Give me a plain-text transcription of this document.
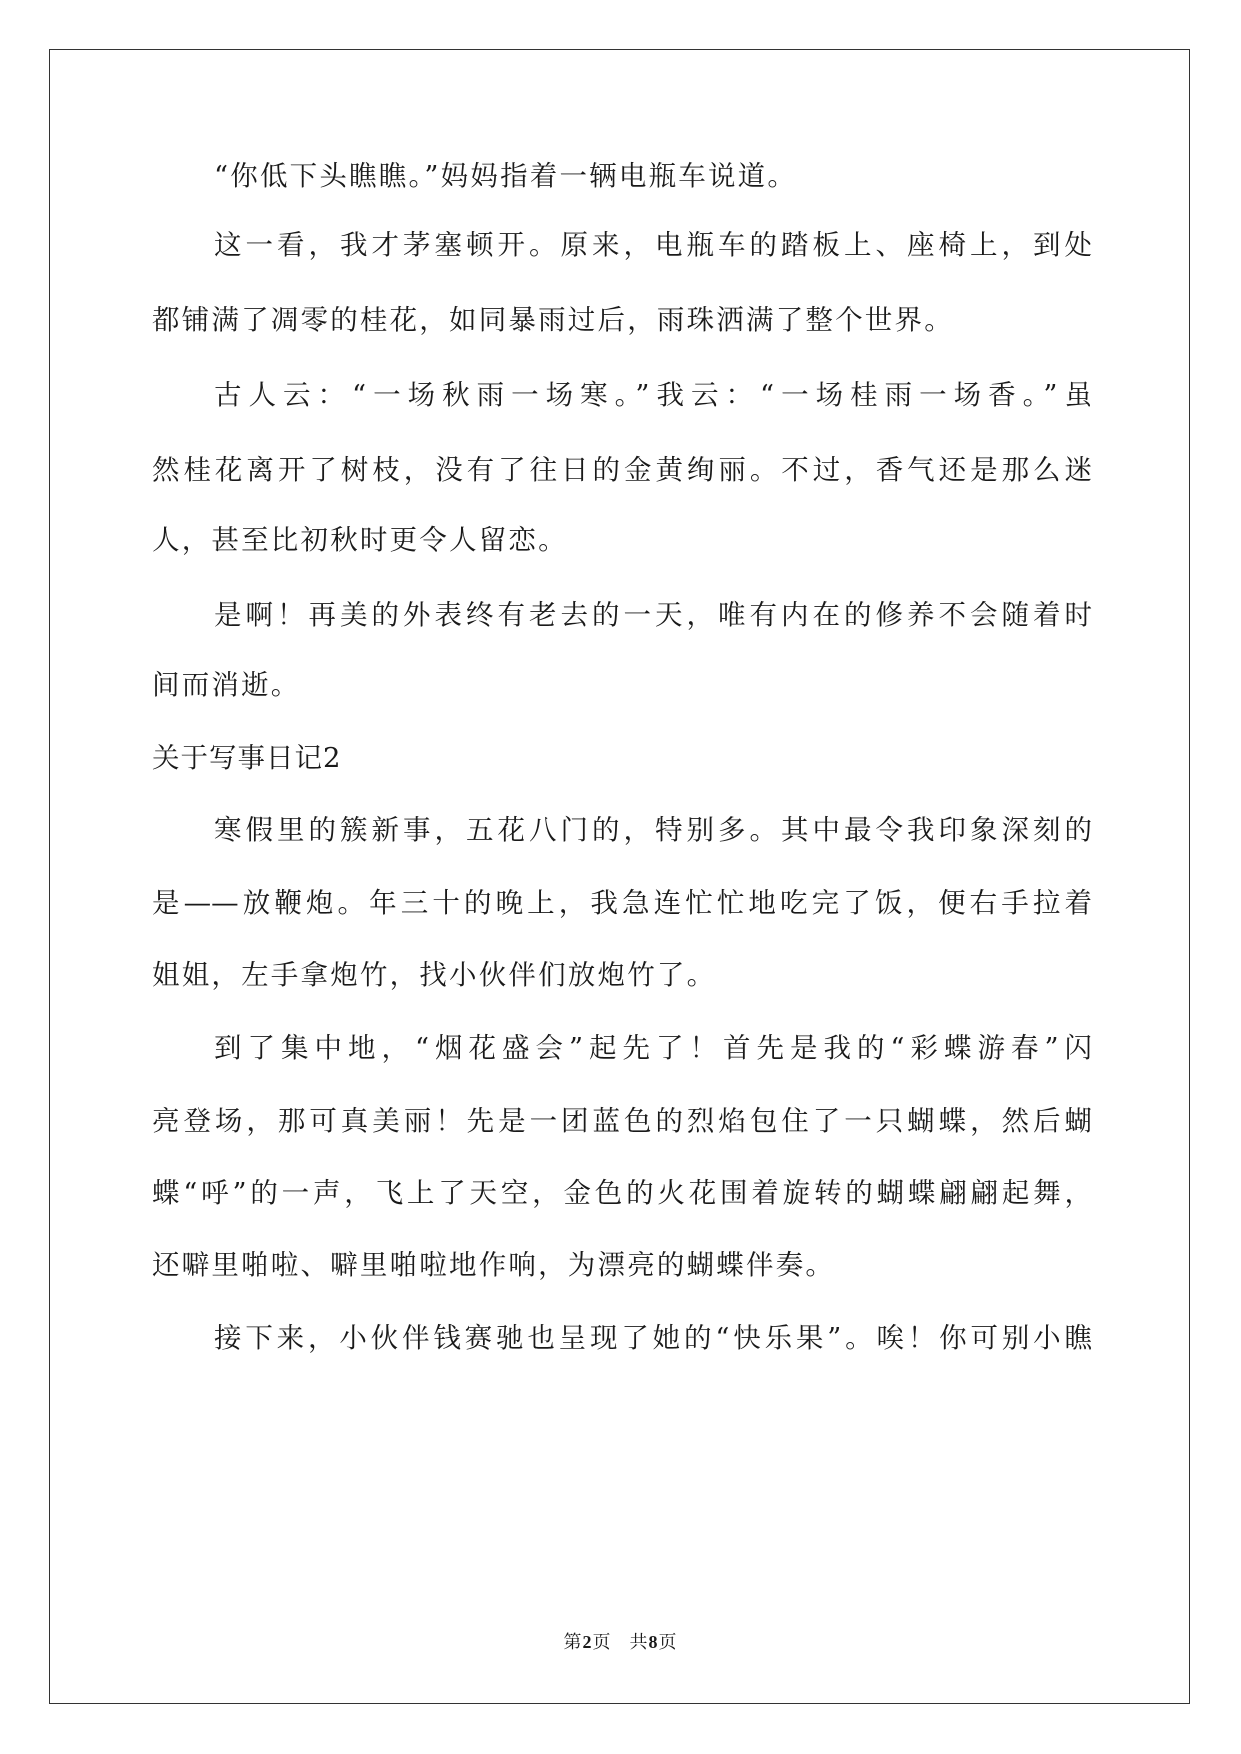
“你低下头瞧瞧。”妈妈指着一辆电瓶车说道。
这一看，我才茅塞顿开。原来，电瓶车的踏板上、座椅上，到处
都铺满了凋零的桂花，如同暴雨过后，雨珠洒满了整个世界。
古人云：“一场秋雨一场寒。”我云：“一场桂雨一场香。”虽
然桂花离开了树枝，没有了往日的金黄绚丽。不过，香气还是那么迷
人，甚至比初秋时更令人留恋。
是啊！再美的外表终有老去的一天，唯有内在的修养不会随着时
间而消逝。
关于写事日记2
寒假里的簇新事，五花八门的，特别多。其中最令我印象深刻的
是——放鞭炮。年三十的晚上，我急连忙忙地吃完了饭，便右手拉着
姐姐，左手拿炮竹，找小伙伴们放炮竹了。
到了集中地，“烟花盛会”起先了！首先是我的“彩蝶游春”闪
亮登场，那可真美丽！先是一团蓝色的烈焰包住了一只蝴蝶，然后蝴
蝶“呼”的一声，飞上了天空，金色的火花围着旋转的蝴蝶翩翩起舞，
还噼里啪啦、噼里啪啦地作响，为漂亮的蝴蝶伴奏。
接下来，小伙伴钱赛驰也呈现了她的“快乐果”。唉！你可别小瞧
第2页 共8页
